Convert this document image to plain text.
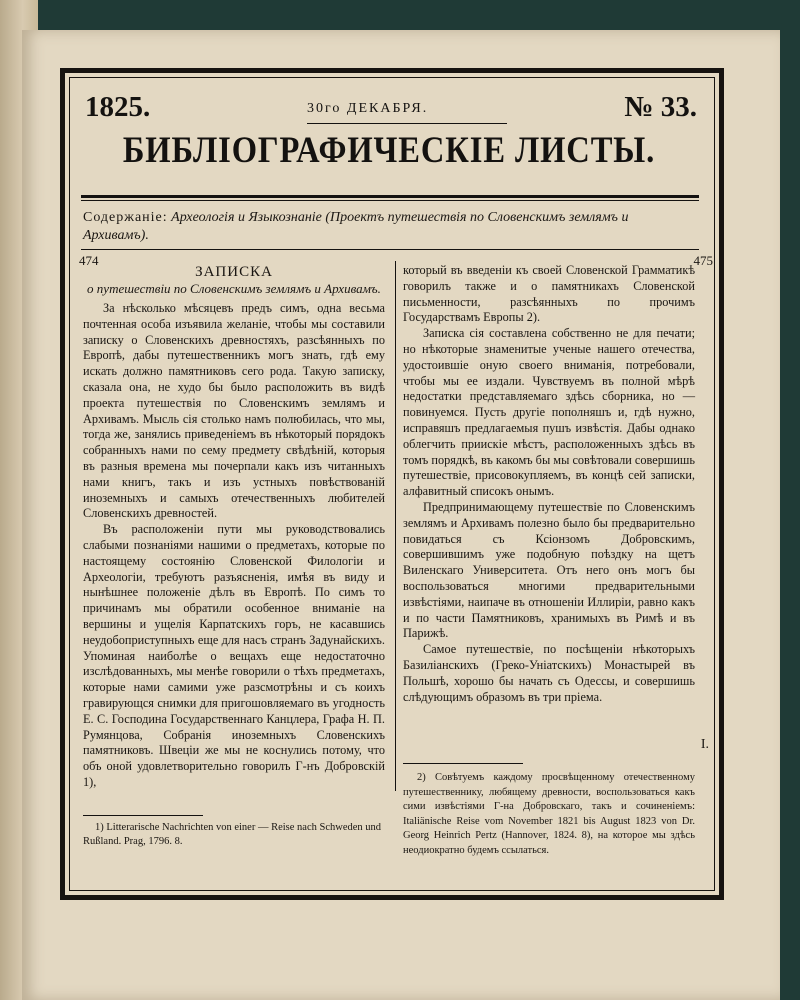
1825.	30го ДЕКАБРЯ.	№ 33.
БИБЛIОГРАФИЧЕСКIЕ ЛИСТЫ.
Содержанiе: Археологiя и Языкознанiе (Проектъ путешествiя по Словенскимъ землямъ и Архивамъ).
474	475

ЗАПИСКА

о путешествiи по Словенскимъ землямъ и Архивамъ.

За нѣсколько мѣсяцевъ предъ симъ, одна весьма почтенная особа изъявила желанiе, чтобы мы составили записку о Словенскихъ древностяхъ, разсѣянныхъ по Европѣ, дабы путешественникъ могъ знать, гдѣ ему искать должно памятниковъ сего рода. Такую записку, сказала она, не худо бы было расположить въ видѣ проекта путешествiя по Словенскимъ землямъ и Архивамъ. Мысль сiя столько намъ полюбилась, что мы, тогда же, занялись приведенiемъ въ нѣкоторый порядокъ собранныхъ нами по сему предмету свѣдѣнiй, которыя въ разныя времена мы почерпали какъ изъ читанныхъ нами книгъ, такъ и изъ устныхъ повѣствованiй иноземныхъ и самыхъ отечественныхъ любителей Словенскихъ древностей.

Въ расположенiи пути мы руководствовались слабыми познанiями нашими о предметахъ, которые по настоящему состоянiю Словенской Филологiи и Археологiи, требуютъ разъясненiя, имѣя въ виду и нынѣшнее положенiе дѣлъ въ Европѣ. По симъ то причинамъ мы обратили особенное вниманiе на вершины и ущелiя Карпатскихъ горъ, не касавшись неудобоприступныхъ еще для насъ странъ Задунайскихъ. Упоминая наиболѣе о вещахъ еще недостаточно изслѣдованныхъ, мы менѣе говорили о тѣхъ предметахъ, которые нами самими уже разсмотрѣны и съ коихъ гравирующся снимки для пригошовляемаго въ угодность Е. С. Господина Государственнаго Канцлера, Графа Н. П. Румянцова, Собранiя иноземныхъ Словенскихъ памятниковъ. Швецiи же мы не коснулись потому, что объ оной удовлетворительно говорилъ Г-нъ Добровскiй 1),

который въ введенiи къ своей Словенской Грамматикѣ говорилъ также и о памятникахъ Словенской письменности, разсѣянныхъ по прочимъ Государствамъ Европы 2).

Записка сiя составлена собственно не для печати; но нѣкоторые знаменитые ученые нашего отечества, удостоившiе оную своего вниманiя, потребовали, чтобы мы ее издали. Чувствуемъ въ полной мѣрѣ недостатки представляемаго здѣсь сборника, но — повинуемся. Пусть другiе пополняшъ и, гдѣ нужно, исправяшъ предлагаемыя пушъ извѣстiя. Дабы однако облегчить приискiе мѣстъ, расположенныхъ здѣсь въ томъ порядкѣ, въ какомъ бы мы совѣтовали совершишь путешествiе, присовокупляемъ, въ концѣ сей записки, алфавитный списокъ онымъ.

Предпринимающему путешествiе по Словенскимъ землямъ и Архивамъ полезно было бы предварительно повидаться съ Ксiонзомъ Добровскимъ, совершившимъ уже подобную поѣздку на щетъ Виленскаго Университета. Отъ него онъ могъ бы воспользоваться многими предварительными извѣстiями, наипаче въ отношенiи Иллирiи, равно какъ и по части Памятниковъ, хранимыхъ въ Римѣ и въ Парижѣ.

Самое путешествiе, по посѣщенiи нѣкоторыхъ Базилiанскихъ (Греко-Унiатскихъ) Монастырей въ Польшѣ, хорошо бы начать съ Одессы, и совершишь слѣдующимъ образомъ въ три прiема.

I.
1) Litterarische Nachrichten von einer — Reise nach Schweden und Rußland. Prag, 1796. 8.
2) Совѣтуемъ каждому просвѣщенному отечественному путешественнику, любящему древности, воспользоваться какъ сими извѣстiями Г-на Добровскаго, такъ и сочиненiемъ: Italiänische Reise vom November 1821 bis August 1823 von Dr. Georg Heinrich Pertz (Hannover, 1824. 8), на которое мы здѣсь неодиократно будемъ ссылаться.
